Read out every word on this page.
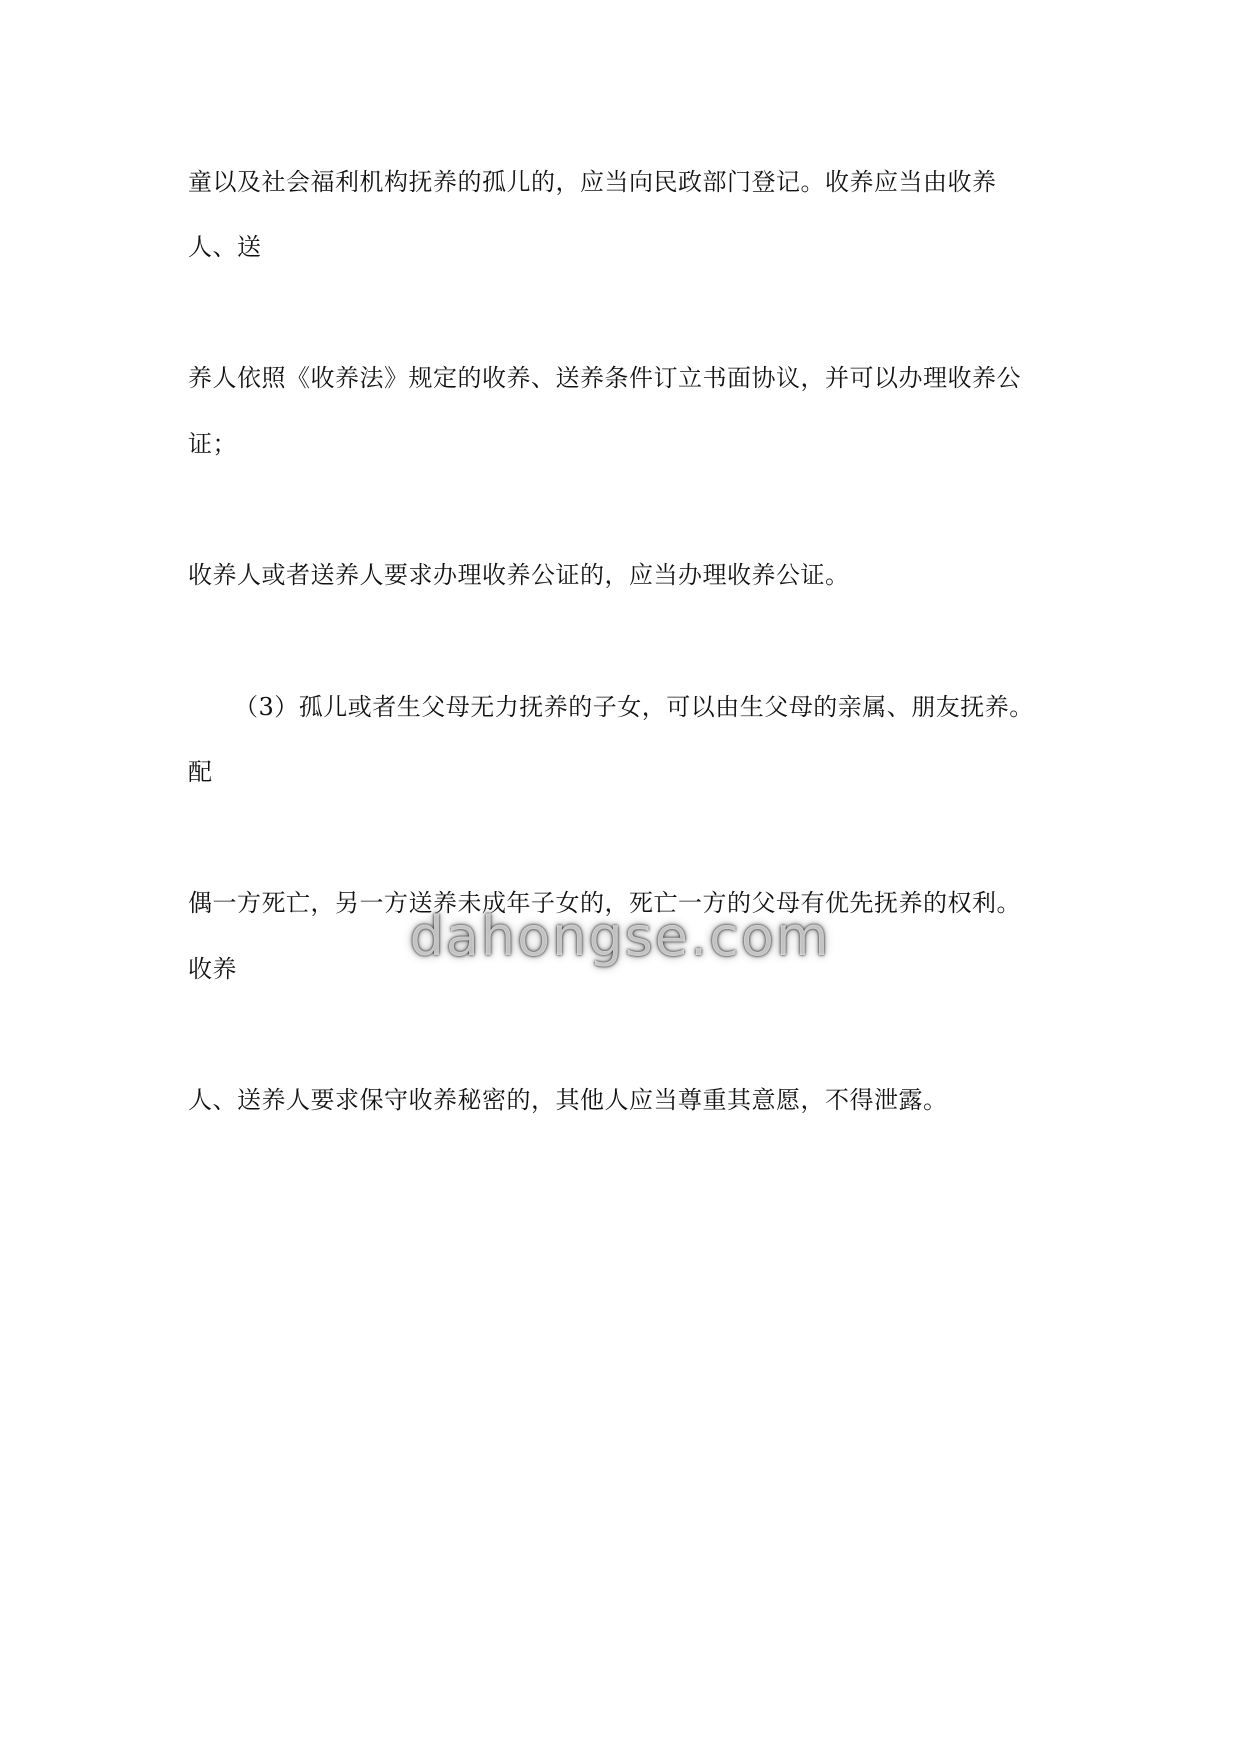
童以及社会福利机构抚养的孤儿的，应当向民政部门登记。收养应当由收养
人、送
养人依照《收养法》规定的收养、送养条件订立书面协议，并可以办理收养公
证；
收养人或者送养人要求办理收养公证的，应当办理收养公证。
（3）孤儿或者生父母无力抚养的子女，可以由生父母的亲属、朋友抚养。
配
偶一方死亡，另一方送养未成年子女的，死亡一方的父母有优先抚养的权利。
收养
人、送养人要求保守收养秘密的，其他人应当尊重其意愿，不得泄露。
dahongse.com
